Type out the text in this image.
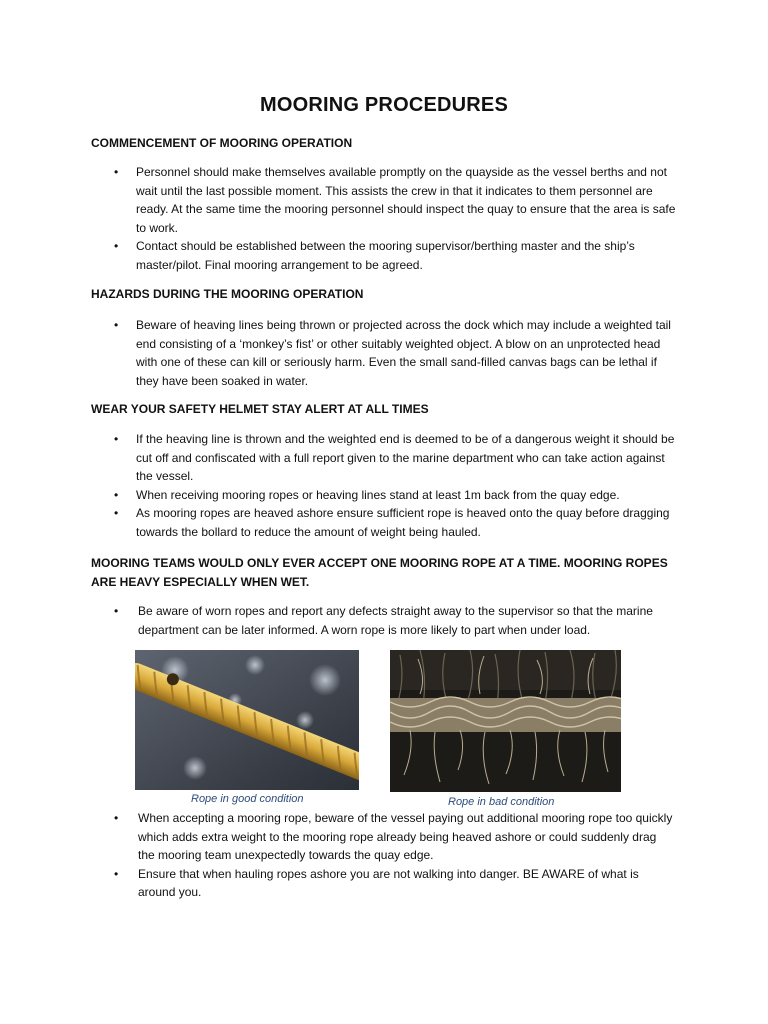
MOORING PROCEDURES
COMMENCEMENT OF MOORING OPERATION
• Personnel should make themselves available promptly on the quayside as the vessel berths and not wait until the last possible moment. This assists the crew in that it indicates to them personnel are ready. At the same time the mooring personnel should inspect the quay to ensure that the area is safe to work.
• Contact should be established between the mooring supervisor/berthing master and the ship’s master/pilot. Final mooring arrangement to be agreed.
HAZARDS DURING THE MOORING OPERATION
• Beware of heaving lines being thrown or projected across the dock which may include a weighted tail end consisting of a ‘monkey’s fist’ or other suitably weighted object. A blow on an unprotected head with one of these can kill or seriously harm. Even the small sand-filled canvas bags can be lethal if they have been soaked in water.
WEAR YOUR SAFETY HELMET STAY ALERT AT ALL TIMES
• If the heaving line is thrown and the weighted end is deemed to be of a dangerous weight it should be cut off and confiscated with a full report given to the marine department who can take action against the vessel.
• When receiving mooring ropes or heaving lines stand at least 1m back from the quay edge.
• As mooring ropes are heaved ashore ensure sufficient rope is heaved onto the quay before dragging towards the bollard to reduce the amount of weight being hauled.
MOORING TEAMS WOULD ONLY EVER ACCEPT ONE MOORING ROPE AT A TIME. MOORING ROPES ARE HEAVY ESPECIALLY WHEN WET.
• Be aware of worn ropes and report any defects straight away to the supervisor so that the marine department can be later informed. A worn rope is more likely to part when under load.
Rope in good condition	Rope in bad condition
• When accepting a mooring rope, beware of the vessel paying out additional mooring rope too quickly which adds extra weight to the mooring rope already being heaved ashore or could suddenly drag the mooring team unexpectedly towards the quay edge.
• Ensure that when hauling ropes ashore you are not walking into danger. BE AWARE of what is around you.
